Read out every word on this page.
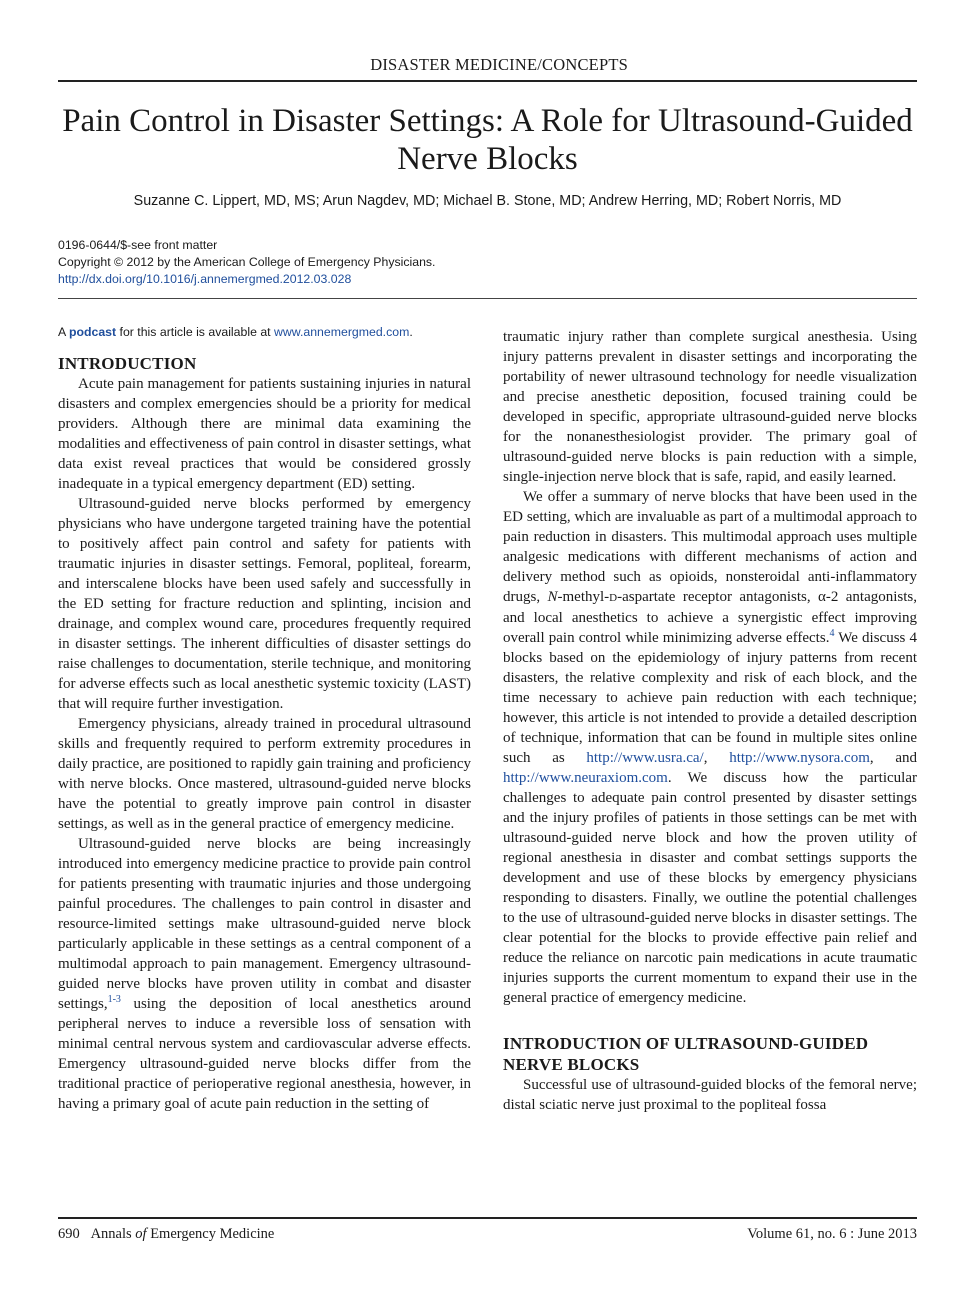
DISASTER MEDICINE/CONCEPTS
Pain Control in Disaster Settings: A Role for Ultrasound-Guided
Nerve Blocks
Suzanne C. Lippert, MD, MS; Arun Nagdev, MD; Michael B. Stone, MD; Andrew Herring, MD; Robert Norris, MD
0196-0644/$-see front matter
Copyright © 2012 by the American College of Emergency Physicians.
http://dx.doi.org/10.1016/j.annemergmed.2012.03.028
A podcast for this article is available at www.annemergmed.com.
INTRODUCTION

Acute pain management for patients sustaining injuries in natural disasters and complex emergencies should be a priority for medical providers. Although there are minimal data examining the modalities and effectiveness of pain control in disaster settings, what data exist reveal practices that would be considered grossly inadequate in a typical emergency department (ED) setting.

Ultrasound-guided nerve blocks performed by emergency physicians who have undergone targeted training have the potential to positively affect pain control and safety for patients with traumatic injuries in disaster settings. Femoral, popliteal, forearm, and interscalene blocks have been used safely and successfully in the ED setting for fracture reduction and splinting, incision and drainage, and complex wound care, procedures frequently required in disaster settings. The inherent difficulties of disaster settings do raise challenges to documentation, sterile technique, and monitoring for adverse effects such as local anesthetic systemic toxicity (LAST) that will require further investigation.

Emergency physicians, already trained in procedural ultrasound skills and frequently required to perform extremity procedures in daily practice, are positioned to rapidly gain training and proficiency with nerve blocks. Once mastered, ultrasound-guided nerve blocks have the potential to greatly improve pain control in disaster settings, as well as in the general practice of emergency medicine.

Ultrasound-guided nerve blocks are being increasingly introduced into emergency medicine practice to provide pain control for patients presenting with traumatic injuries and those undergoing painful procedures. The challenges to pain control in disaster and resource-limited settings make ultrasound-guided nerve block particularly applicable in these settings as a central component of a multimodal approach to pain management. Emergency ultrasound-guided nerve blocks have proven utility in combat and disaster settings,$^{1-3}$ using the deposition of local anesthetics around peripheral nerves to induce a reversible loss of sensation with minimal central nervous system and cardiovascular adverse effects. Emergency ultrasound-guided nerve blocks differ from the traditional practice of perioperative regional anesthesia, however, in having a primary goal of acute pain reduction in the setting of

traumatic injury rather than complete surgical anesthesia. Using injury patterns prevalent in disaster settings and incorporating the portability of newer ultrasound technology for needle visualization and precise anesthetic deposition, focused training could be developed in specific, appropriate ultrasound-guided nerve blocks for the nonanesthesiologist provider. The primary goal of ultrasound-guided nerve blocks is pain reduction with a simple, single-injection nerve block that is safe, rapid, and easily learned.

We offer a summary of nerve blocks that have been used in the ED setting, which are invaluable as part of a multimodal approach to pain reduction in disasters. This multimodal approach uses multiple analgesic medications with different mechanisms of action and delivery method such as opioids, nonsteroidal anti-inflammatory drugs, N-methyl-D-aspartate receptor antagonists, α-2 antagonists, and local anesthetics to achieve a synergistic effect improving overall pain control while minimizing adverse effects.$^4$ We discuss 4 blocks based on the epidemiology of injury patterns from recent disasters, the relative complexity and risk of each block, and the time necessary to achieve pain reduction with each technique; however, this article is not intended to provide a detailed description of technique, information that can be found in multiple sites online such as http://www.usra.ca/, http://www.nysora.com, and http://www.neuraxiom.com. We discuss how the particular challenges to adequate pain control presented by disaster settings and the injury profiles of patients in those settings can be met with ultrasound-guided nerve block and how the proven utility of regional anesthesia in disaster and combat settings supports the development and use of these blocks by emergency physicians responding to disasters. Finally, we outline the potential challenges to the use of ultrasound-guided nerve blocks in disaster settings. The clear potential for the blocks to provide effective pain relief and reduce the reliance on narcotic pain medications in acute traumatic injuries supports the current momentum to expand their use in the general practice of emergency medicine.

INTRODUCTION OF ULTRASOUND-GUIDED NERVE BLOCKS

Successful use of ultrasound-guided blocks of the femoral nerve; distal sciatic nerve just proximal to the popliteal fossa

690 Annals of Emergency Medicine	Volume 61, no. 6 : June 2013
